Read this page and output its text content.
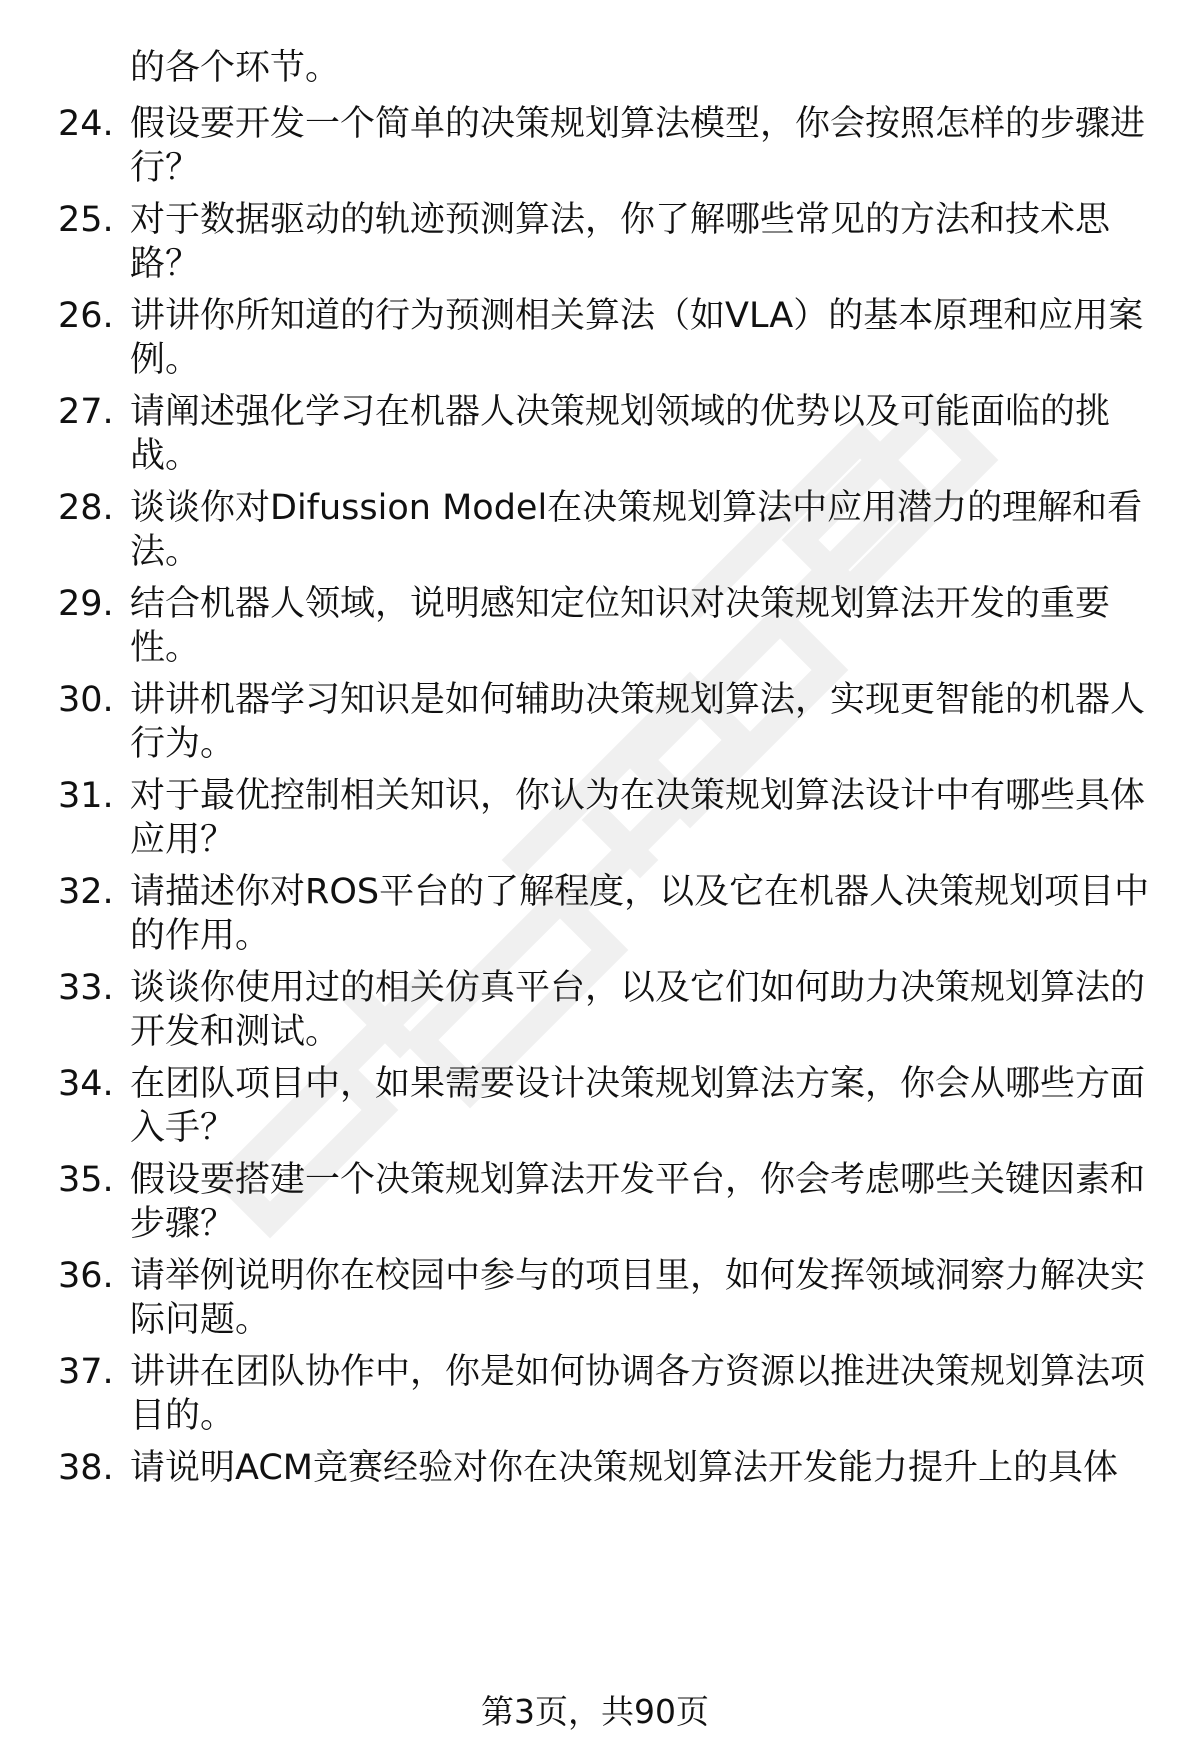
的各个环节。
24. 假设要开发一个简单的决策规划算法模型，你会按照怎样的步骤进行？
25. 对于数据驱动的轨迹预测算法，你了解哪些常见的方法和技术思路？
26. 讲讲你所知道的行为预测相关算法（如VLA）的基本原理和应用案例。
27. 请阐述强化学习在机器人决策规划领域的优势以及可能面临的挑战。
28. 谈谈你对Difussion Model在决策规划算法中应用潜力的理解和看法。
29. 结合机器人领域，说明感知定位知识对决策规划算法开发的重要性。
30. 讲讲机器学习知识是如何辅助决策规划算法，实现更智能的机器人行为。
31. 对于最优控制相关知识，你认为在决策规划算法设计中有哪些具体应用？
32. 请描述你对ROS平台的了解程度，以及它在机器人决策规划项目中的作用。
33. 谈谈你使用过的相关仿真平台，以及它们如何助力决策规划算法的开发和测试。
34. 在团队项目中，如果需要设计决策规划算法方案，你会从哪些方面入手？
35. 假设要搭建一个决策规划算法开发平台，你会考虑哪些关键因素和步骤？
36. 请举例说明你在校园中参与的项目里，如何发挥领域洞察力解决实际问题。
37. 讲讲在团队协作中，你是如何协调各方资源以推进决策规划算法项目的。
38. 请说明ACM竞赛经验对你在决策规划算法开发能力提升上的具体
第3页，共90页
